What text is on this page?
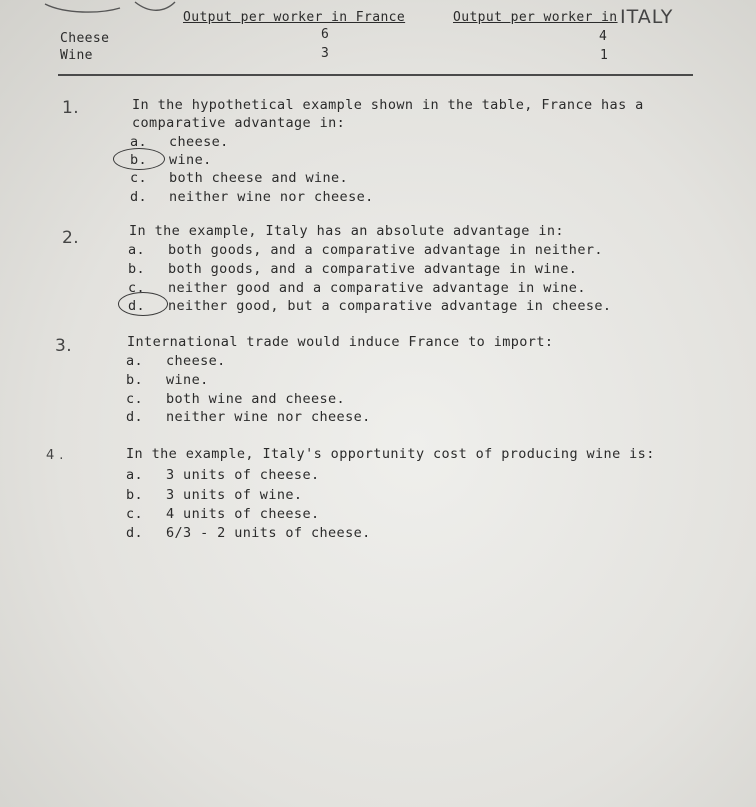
Output per worker in France	Output per worker in ITALY
Cheese	6	4
Wine	3	1
1.	In the hypothetical example shown in the table, France has a
comparative advantage in:
a. cheese.
b. wine.
c. both cheese and wine.
d. neither wine nor cheese.
2.	In the example, Italy has an absolute advantage in:
a. both goods, and a comparative advantage in neither.
b. both goods, and a comparative advantage in wine.
c. neither good and a comparative advantage in wine.
d. neither good, but a comparative advantage in cheese.
3.	International trade would induce France to import:
a. cheese.
b. wine.
c. both wine and cheese.
d. neither wine nor cheese.
4 .	In the example, Italy's opportunity cost of producing wine is:
a. 3 units of cheese.
b. 3 units of wine.
c. 4 units of cheese.
d. 6/3 - 2 units of cheese.
